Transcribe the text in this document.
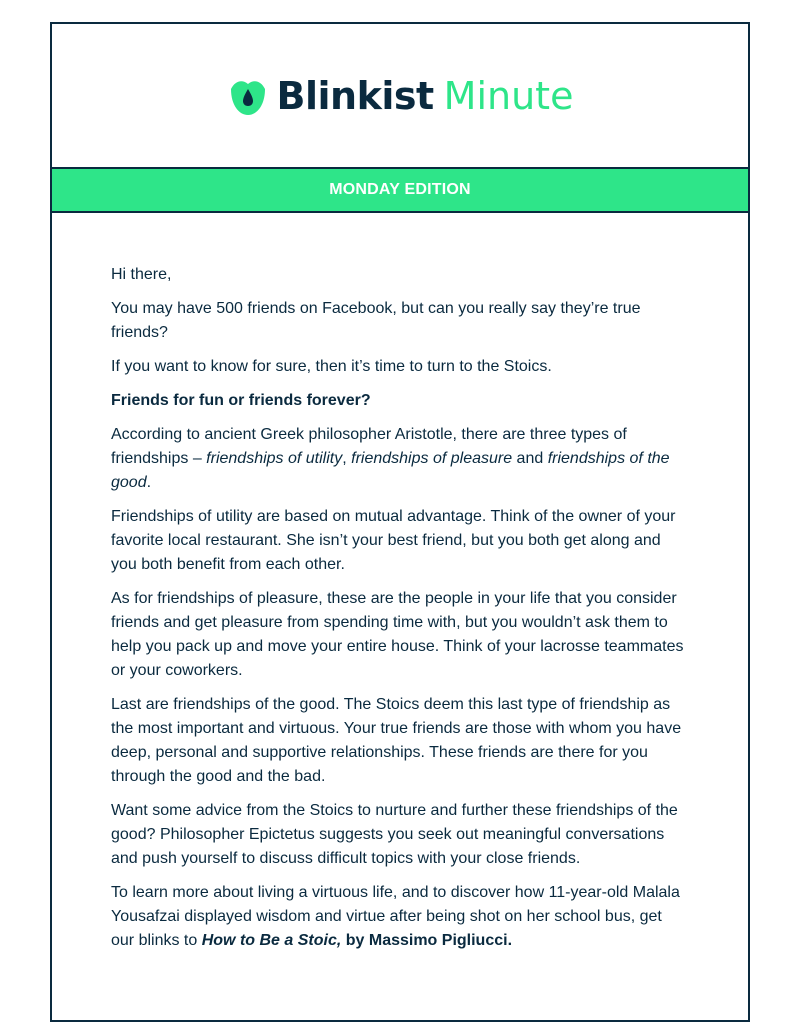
Blinkist Minute
MONDAY EDITION

Hi there,

You may have 500 friends on Facebook, but can you really say they’re true friends?

If you want to know for sure, then it’s time to turn to the Stoics.

Friends for fun or friends forever?

According to ancient Greek philosopher Aristotle, there are three types of friendships – friendships of utility, friendships of pleasure and friendships of the good.

Friendships of utility are based on mutual advantage. Think of the owner of your favorite local restaurant. She isn’t your best friend, but you both get along and you both benefit from each other.

As for friendships of pleasure, these are the people in your life that you consider friends and get pleasure from spending time with, but you wouldn’t ask them to help you pack up and move your entire house. Think of your lacrosse teammates or your coworkers.

Last are friendships of the good. The Stoics deem this last type of friendship as the most important and virtuous. Your true friends are those with whom you have deep, personal and supportive relationships. These friends are there for you through the good and the bad.

Want some advice from the Stoics to nurture and further these friendships of the good? Philosopher Epictetus suggests you seek out meaningful conversations and push yourself to discuss difficult topics with your close friends.

To learn more about living a virtuous life, and to discover how 11-year-old Malala Yousafzai displayed wisdom and virtue after being shot on her school bus, get our blinks to How to Be a Stoic, by Massimo Pigliucci.
